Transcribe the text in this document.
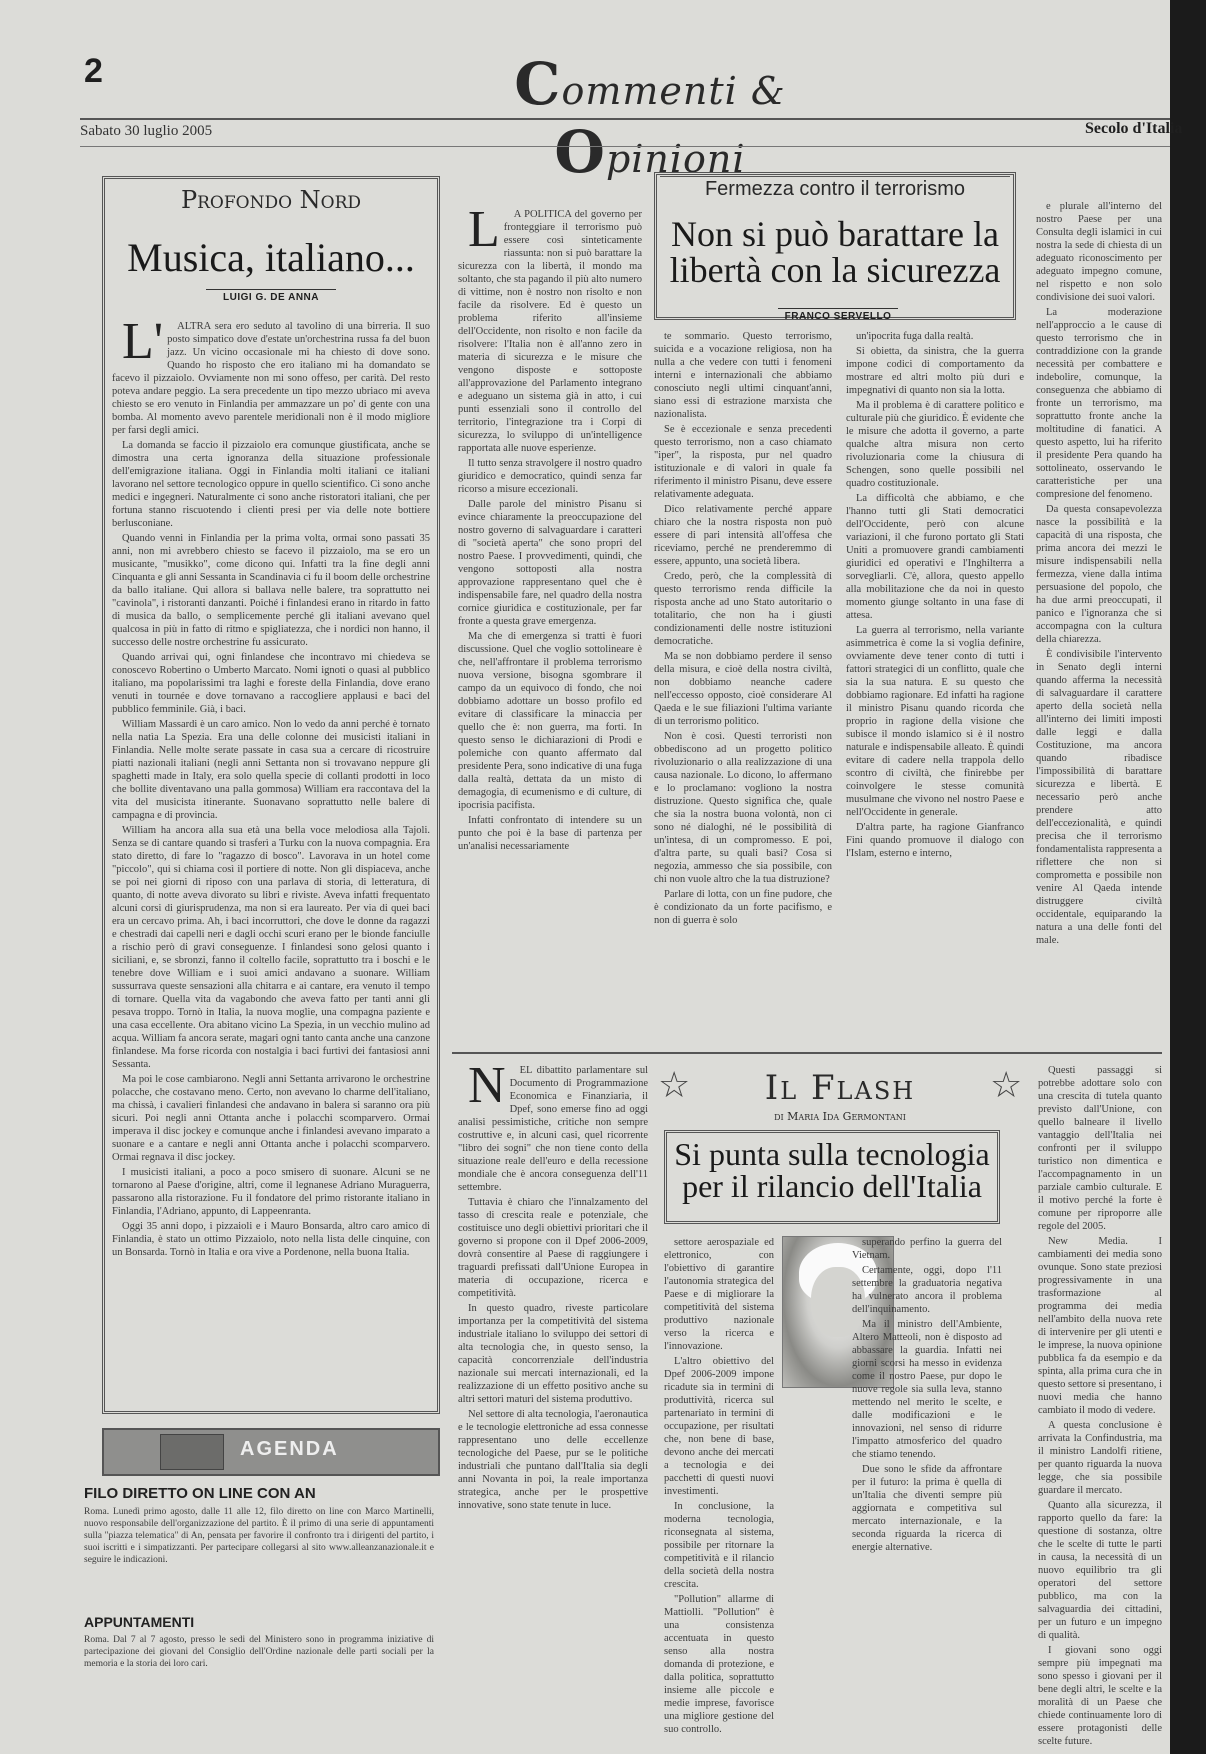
2	Commenti & Opinioni
Sabato 30 luglio 2005	Secolo d'Italia
Profondo Nord
Musica, italiano...
LUIGI G. DE ANNA

L'ALTRA sera ero seduto al tavolino di una birreria. Il suo posto simpatico dove d'estate un'orchestrina russa fa del buon jazz. Un vicino occasionale mi ha chiesto di dove sono. Quando ho risposto che ero italiano mi ha domandato se facevo il pizzaiolo. Ovviamente non mi sono offeso, per carità. Del resto poteva andare peggio. La sera precedente un tipo mezzo ubriaco mi aveva chiesto se ero venuto in Finlandia per ammazzare un po' di gente con una bomba. Al momento avevo parentele meridionali non è il modo migliore per farsi degli amici.

La domanda se faccio il pizzaiolo era comunque giustificata, anche se dimostra una certa ignoranza della situazione professionale dell'emigrazione italiana. Oggi in Finlandia molti italiani ce italiani lavorano nel settore tecnologico oppure in quello scientifico. Ci sono anche medici e ingegneri. Naturalmente ci sono anche ristoratori italiani, che per fortuna stanno riscuotendo i clienti presi per via delle note bottiere berlusconiane.

Quando venni in Finlandia per la prima volta, ormai sono passati 35 anni, non mi avrebbero chiesto se facevo il pizzaiolo, ma se ero un musicante, "musikko", come dicono qui. Infatti tra la fine degli anni Cinquanta e gli anni Sessanta in Scandinavia ci fu il boom delle orchestrine da ballo italiane. Qui allora si ballava nelle balere, tra soprattutto nei "cavinola", i ristoranti danzanti. Poiché i finlandesi erano in ritardo in fatto di musica da ballo, o semplicemente perché gli italiani avevano quel qualcosa in più in fatto di ritmo e spigliatezza, che i nordici non hanno, il successo delle nostre orchestrine fu assicurato.

Quando arrivai qui, ogni finlandese che incontravo mi chiedeva se conoscevo Robertino o Umberto Marcato. Nomi ignoti o quasi al pubblico italiano, ma popolarissimi tra laghi e foreste della Finlandia, dove erano venuti in tournée e dove tornavano a raccogliere applausi e baci del pubblico femminile. Già, i baci.

William Massardi è un caro amico. Non lo vedo da anni perché è tornato nella natìa La Spezia. Era una delle colonne dei musicisti italiani in Finlandia. Nelle molte serate passate in casa sua a cercare di ricostruire piatti nazionali italiani (negli anni Settanta non si trovavano neppure gli spaghetti made in Italy, era solo quella specie di collanti prodotti in loco che bollite diventavano una palla gommosa) William era raccontava del la vita del musicista itinerante. Suonavano soprattutto nelle balere di campagna e di provincia.

William ha ancora alla sua età una bella voce melodiosa alla Tajoli. Senza se di cantare quando si trasferì a Turku con la nuova compagnia. Era stato diretto, di fare lo "ragazzo di bosco". Lavorava in un hotel come "piccolo", qui si chiama così il portiere di notte. Non gli dispiaceva, anche se poi nei giorni di riposo con una parlava di storia, di letteratura, di quanto, di notte aveva divorato su libri e riviste. Aveva infatti frequentato alcuni corsi di giurisprudenza, ma non si era laureato. Per via di quei baci era un cercavo prima. Ah, i baci incorruttori, che dove le donne da ragazzi e chestradi dai capelli neri e dagli occhi scuri erano per le bionde fanciulle a rischio però di gravi conseguenze. I finlandesi sono gelosi quanto i siciliani, e, se sbronzi, fanno il coltello facile, soprattutto tra i boschi e le tenebre dove William e i suoi amici andavano a suonare. William sussurrava queste sensazioni alla chitarra e ai cantare, era venuto il tempo di tornare. Quella vita da vagabondo che aveva fatto per tanti anni gli pesava troppo. Tornò in Italia, la nuova moglie, una compagna paziente e una casa eccellente. Ora abitano vicino La Spezia, in un vecchio mulino ad acqua. William fa ancora serate, magari ogni tanto canta anche una canzone finlandese. Ma forse ricorda con nostalgia i baci furtivi dei fantasiosi anni Sessanta.

Ma poi le cose cambiarono. Negli anni Settanta arrivarono le orchestrine polacche, che costavano meno. Certo, non avevano lo charme dell'italiano, ma chissà, i cavalieri finlandesi che andavano in balera si saranno ora più sicuri. Poi negli anni Ottanta anche i polacchi scomparvero. Ormai imperava il disc jockey e comunque anche i finlandesi avevano imparato a suonare e a cantare e negli anni Ottanta anche i polacchi scomparvero. Ormai regnava il disc jockey.

I musicisti italiani, a poco a poco smisero di suonare. Alcuni se ne tornarono al Paese d'origine, altri, come il legnanese Adriano Muraguerra, passarono alla ristorazione. Fu il fondatore del primo ristorante italiano in Finlandia, l'Adriano, appunto, di Lappeenranta.

Oggi 35 anni dopo, i pizzaioli e i Mauro Bonsarda, altro caro amico di Finlandia, è stato un ottimo Pizzaiolo, noto nella lista delle cinquine, con un Bonsarda. Tornò in Italia e ora vive a Pordenone, nella buona Italia.

AGENDA
FILO DIRETTO ON LINE CON AN
Roma. Lunedì primo agosto, dalle 11 alle 12, filo diretto on line con Marco Martinelli, nuovo responsabile dell'organizzazione del partito. È il primo di una serie di appuntamenti sulla "piazza telematica" di An, pensata per favorire il confronto tra i dirigenti del partito, i suoi iscritti e i simpatizzanti. Per partecipare collegarsi al sito www.alleanzanazionale.it e seguire le indicazioni.
APPUNTAMENTI
Roma. Dal 7 al 7 agosto, presso le sedi del Ministero sono in programma iniziative di partecipazione dei giovani del Consiglio dell'Ordine nazionale delle parti sociali per la memoria e la storia dei loro cari.

LA POLITICA del governo per fronteggiare il terrorismo può essere così sinteticamente riassunta: non si può barattare la sicurezza con la libertà, il mondo ma soltanto, che sta pagando il più alto numero di vittime, non è nostro non risolto e non facile da risolvere. Ed è questo un problema riferito all'insieme dell'Occidente, non risolto e non facile da risolvere: l'Italia non è all'anno zero in materia di sicurezza e le misure che vengono disposte e sottoposte all'approvazione del Parlamento integrano e adeguano un sistema già in atto, i cui punti essenziali sono il controllo del territorio, l'integrazione tra i Corpi di sicurezza, lo sviluppo di un'intelligence rapportata alle nuove esperienze.

Il tutto senza stravolgere il nostro quadro giuridico e democratico, quindi senza far ricorso a misure eccezionali.

Dalle parole del ministro Pisanu si evince chiaramente la preoccupazione del nostro governo di salvaguardare i caratteri di "società aperta" che sono propri del nostro Paese. I provvedimenti, quindi, che vengono sottoposti alla nostra approvazione rappresentano quel che è indispensabile fare, nel quadro della nostra cornice giuridica e costituzionale, per far fronte a questa grave emergenza.

Ma che di emergenza si tratti è fuori discussione. Quel che voglio sottolineare è che, nell'affrontare il problema terrorismo nuova versione, bisogna sgombrare il campo da un equivoco di fondo, che noi dobbiamo adottare un bosso profilo ed evitare di classificare la minaccia per quello che è: non guerra, ma forti. In questo senso le dichiarazioni di Prodi e polemiche con quanto affermato dal presidente Pera, sono indicative di una fuga dalla realtà, dettata da un misto di demagogia, di ecumenismo e di culture, di ipocrisia pacifista.

Infatti confrontato di intendere su un punto che poi è la base di partenza per un'analisi necessariamente

Fermezza contro il terrorismo
Non si può barattare la libertà con la sicurezza
FRANCO SERVELLO

te sommario. Questo terrorismo, suicida e a vocazione religiosa, non ha nulla a che vedere con tutti i fenomeni interni e internazionali che abbiamo conosciuto negli ultimi cinquant'anni, siano essi di estrazione marxista che nazionalista.

Se è eccezionale e senza precedenti questo terrorismo, non a caso chiamato "iper", la risposta, pur nel quadro istituzionale e di valori in quale fa riferimento il ministro Pisanu, deve essere relativamente adeguata.

Dico relativamente perché appare chiaro che la nostra risposta non può essere di pari intensità all'offesa che riceviamo, perché ne prenderemmo di essere, appunto, una società libera.

Credo, però, che la complessità di questo terrorismo renda difficile la risposta anche ad uno Stato autoritario o totalitario, che non ha i giusti condizionamenti delle nostre istituzioni democratiche.

Ma se non dobbiamo perdere il senso della misura, e cioè della nostra civiltà, non dobbiamo neanche cadere nell'eccesso opposto, cioè considerare Al Qaeda e le sue filiazioni l'ultima variante di un terrorismo politico.

Non è così. Questi terroristi non obbediscono ad un progetto politico rivoluzionario o alla realizzazione di una causa nazionale. Lo dicono, lo affermano e lo proclamano: vogliono la nostra distruzione. Questo significa che, quale che sia la nostra buona volontà, non ci sono né dialoghi, né le possibilità di un'intesa, di un compromesso. E poi, d'altra parte, su quali basi? Cosa si negozia, ammesso che sia possibile, con chi non vuole altro che la tua distruzione?

Parlare di lotta, con un fine pudore, che è condizionato da un forte pacifismo, e non di guerra è solo

un'ipocrita fuga dalla realtà.

Si obietta, da sinistra, che la guerra impone codici di comportamento da mostrare ed altri molto più duri e impegnativi di quanto non sia la lotta.

Ma il problema è di carattere politico e culturale più che giuridico. È evidente che le misure che adotta il governo, a parte qualche altra misura non certo rivoluzionaria come la chiusura di Schengen, sono quelle possibili nel quadro costituzionale.

La difficoltà che abbiamo, e che l'hanno tutti gli Stati democratici dell'Occidente, però con alcune variazioni, il che furono portato gli Stati Uniti a promuovere grandi cambiamenti giuridici ed operativi e l'Inghilterra a sorvegliarli. C'è, allora, questo appello alla mobilitazione che da noi in questo momento giunge soltanto in una fase di attesa.

La guerra al terrorismo, nella variante asimmetrica è come la si voglia definire, ovviamente deve tener conto di tutti i fattori strategici di un conflitto, quale che sia la sua natura. E su questo che dobbiamo ragionare. Ed infatti ha ragione il ministro Pisanu quando ricorda che proprio in ragione della visione che subisce il mondo islamico si è il nostro naturale e indispensabile alleato. È quindi evitare di cadere nella trappola dello scontro di civiltà, che finirebbe per coinvolgere le stesse comunità musulmane che vivono nel nostro Paese e nell'Occidente in generale.

D'altra parte, ha ragione Gianfranco Fini quando promuove il dialogo con l'Islam, esterno e interno,

e plurale all'interno del nostro Paese per una Consulta degli islamici in cui nostra la sede di chiesta di un adeguato riconoscimento per adeguato impegno comune, nel rispetto e non solo condivisione dei suoi valori.

La moderazione nell'approccio a le cause di questo terrorismo che in contraddizione con la grande necessità per combattere e indebolire, comunque, la conseguenza che abbiamo di fronte un terrorismo, ma soprattutto fronte anche la moltitudine di fanatici. A questo aspetto, lui ha riferito il presidente Pera quando ha sottolineato, osservando le caratteristiche per una compresione del fenomeno.

Da questa consapevolezza nasce la possibilità e la capacità di una risposta, che prima ancora dei mezzi le misure indispensabili nella fermezza, viene dalla intima persuasione del popolo, che ha due armi preoccupati, il panico e l'ignoranza che si accompagna con la cultura della chiarezza.

È condivisibile l'intervento in Senato degli interni quando afferma la necessità di salvaguardare il carattere aperto della società nella all'interno dei limiti imposti dalle leggi e dalla Costituzione, ma ancora quando ribadisce l'impossibilità di barattare sicurezza e libertà. E necessario però anche prendere atto dell'eccezionalità, e quindi precisa che il terrorismo fondamentalista rappresenta a riflettere che non si comprometta e possibile non venire Al Qaeda intende distruggere civiltà occidentale, equiparando la natura a una delle fonti del male.

NEL dibattito parlamentare sul Documento di Programmazione Economica e Finanziaria, il Dpef, sono emerse fino ad oggi analisi pessimistiche, critiche non sempre costruttive e, in alcuni casi, quel ricorrente "libro dei sogni" che non tiene conto della situazione reale dell'euro e della recessione mondiale che è ancora conseguenza dell'11 settembre.

Tuttavia è chiaro che l'innalzamento del tasso di crescita reale e potenziale, che costituisce uno degli obiettivi prioritari che il governo si propone con il Dpef 2006-2009, dovrà consentire al Paese di raggiungere i traguardi prefissati dall'Unione Europea in materia di occupazione, ricerca e competitività.

In questo quadro, riveste particolare importanza per la competitività del sistema industriale italiano lo sviluppo dei settori di alta tecnologia che, in questo senso, la capacità concorrenziale dell'industria nazionale sui mercati internazionali, ed la realizzazione di un effetto positivo anche su altri settori maturi del sistema produttivo.

Nel settore di alta tecnologia, l'aeronautica e le tecnologie elettroniche ad essa connesse rappresentano uno delle eccellenze tecnologiche del Paese, pur se le politiche industriali che puntano dall'Italia sia degli anni Novanta in poi, la reale importanza strategica, anche per le prospettive innovative, sono state tenute in luce.

☆	☆
Il Flash
di Maria Ida Germontani
Si punta sulla tecnologia per il rilancio dell'Italia

settore aerospaziale ed elettronico, con l'obiettivo di garantire l'autonomia strategica del Paese e di migliorare la competitività del sistema produttivo nazionale verso la ricerca e l'innovazione.

L'altro obiettivo del Dpef 2006-2009 impone ricadute sia in termini di produttività, ricerca sul partenariato in termini di occupazione, per risultati che, non bene di base, devono anche dei mercati a tecnologia e dei pacchetti di questi nuovi investimenti.

In conclusione, la moderna tecnologia, riconsegnata al sistema, possibile per ritornare la competitività e il rilancio della società della nostra crescita.

"Pollution" allarme di Mattiolli. "Pollution" è una consistenza accentuata in questo senso alla nostra domanda di protezione, e dalla politica, soprattutto insieme alle piccole e medie imprese, favorisce una migliore gestione del suo controllo.

superando perfino la guerra del Vietnam.

Certamente, oggi, dopo l'11 settembre la graduatoria negativa ha vulnerato ancora il problema dell'inquinamento.

Ma il ministro dell'Ambiente, Altero Matteoli, non è disposto ad abbassare la guardia. Infatti nei giorni scorsi ha messo in evidenza come il nostro Paese, pur dopo le nuove regole sia sulla leva, stanno mettendo nel merito le scelte, e dalle modificazioni e le innovazioni, nel senso di ridurre l'impatto atmosferico del quadro che stiamo tenendo.

Due sono le sfide da affrontare per il futuro: la prima è quella di un'Italia che diventi sempre più aggiornata e competitiva sul mercato internazionale, e la seconda riguarda la ricerca di energie alternative.

Questi passaggi si potrebbe adottare solo con una crescita di tutela quanto previsto dall'Unione, con quello balneare il livello vantaggio dell'Italia nei confronti per il sviluppo turistico non dimentica e l'accompagnamento in un parziale cambio culturale. E il motivo perché la forte è comune per riproporre alle regole del 2005.

New Media. I cambiamenti dei media sono ovunque. Sono state preziosi progressivamente in una trasformazione al programma dei media nell'ambito della nuova rete di intervenire per gli utenti e le imprese, la nuova opinione pubblica fa da esempio e da spinta, alla prima cura che in questo settore si presentano, i nuovi media che hanno cambiato il modo di vedere.

A questa conclusione è arrivata la Confindustria, ma il ministro Landolfi ritiene, per quanto riguarda la nuova legge, che sia possibile guardare il mercato.

Quanto alla sicurezza, il rapporto quello da fare: la questione di sostanza, oltre che le scelte di tutte le parti in causa, la necessità di un nuovo equilibrio tra gli operatori del settore pubblico, ma con la salvaguardia dei cittadini, per un futuro e un impegno di qualità.

I giovani sono oggi sempre più impegnati ma sono spesso i giovani per il bene degli altri, le scelte e la moralità di un Paese che chiede continuamente loro di essere protagonisti delle scelte future.
